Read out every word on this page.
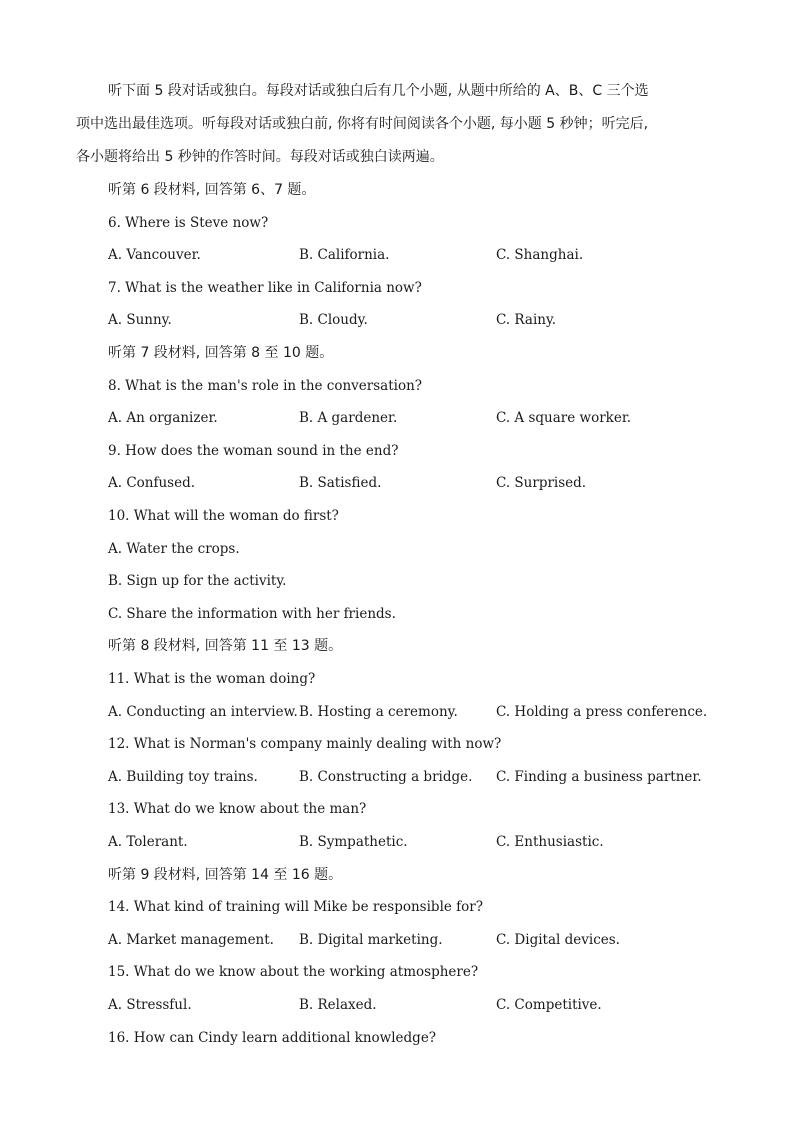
听下面 5 段对话或独白。每段对话或独白后有几个小题, 从题中所给的 A、B、C 三个选
项中选出最佳选项。听每段对话或独白前, 你将有时间阅读各个小题, 每小题 5 秒钟；听完后,
各小题将给出 5 秒钟的作答时间。每段对话或独白读两遍。
听第 6 段材料, 回答第 6、7 题。
6. Where is Steve now?
A. Vancouver.	B. California.	C. Shanghai.
7. What is the weather like in California now?
A. Sunny.	B. Cloudy.	C. Rainy.
听第 7 段材料, 回答第 8 至 10 题。
8. What is the man's role in the conversation?
A. An organizer.	B. A gardener.	C. A square worker.
9. How does the woman sound in the end?
A. Confused.	B. Satisfied.	C. Surprised.
10. What will the woman do first?
A. Water the crops.
B. Sign up for the activity.
C. Share the information with her friends.
听第 8 段材料, 回答第 11 至 13 题。
11. What is the woman doing?
A. Conducting an interview. B. Hosting a ceremony.	C. Holding a press conference.
12. What is Norman's company mainly dealing with now?
A. Building toy trains.	B. Constructing a bridge. C. Finding a business partner.
13. What do we know about the man?
A. Tolerant.	B. Sympathetic.	C. Enthusiastic.
听第 9 段材料, 回答第 14 至 16 题。
14. What kind of training will Mike be responsible for?
A. Market management. B. Digital marketing.	C. Digital devices.
15. What do we know about the working atmosphere?
A. Stressful.	B. Relaxed.	C. Competitive.
16. How can Cindy learn additional knowledge?
